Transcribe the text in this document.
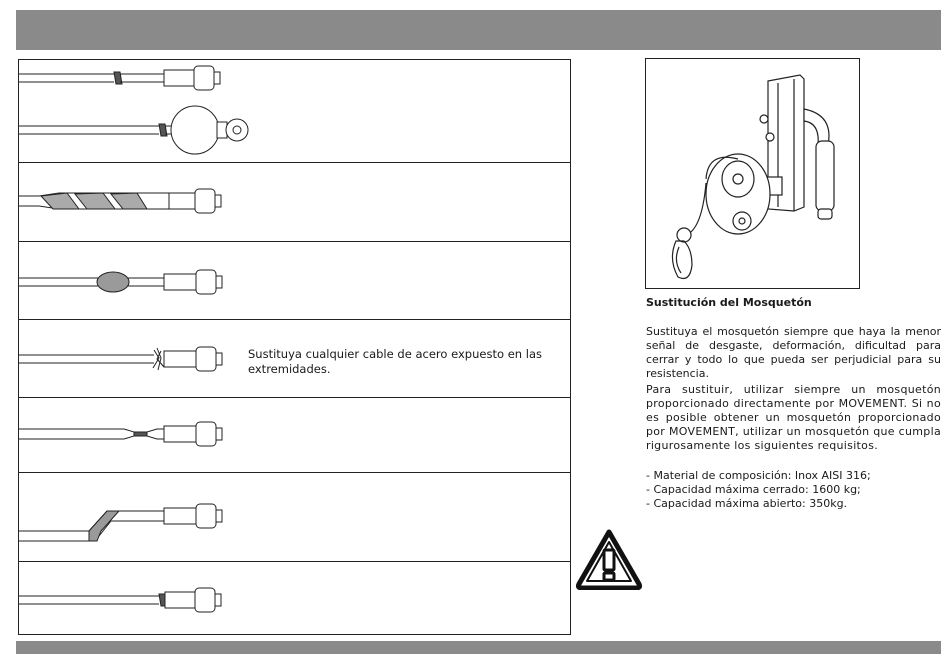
Sustituya cualquier cable de acero expuesto en las extremidades.
Sustitución del Mosquetón

Sustituya el mosquetón siempre que haya la menor señal de desgaste, deformación, dificultad para cerrar y todo lo que pueda ser perjudicial para su resistencia.

Para sustituir, utilizar siempre un mosquetón proporcionado directamente por MOVEMENT. Si no es posible obtener un mosquetón proporcionado por MOVEMENT, utilizar un mosquetón que cumpla rigurosamente los siguientes requisitos.

- Material de composición: Inox AISI 316;
- Capacidad máxima cerrado: 1600 kg;
- Capacidad máxima abierto: 350kg.
